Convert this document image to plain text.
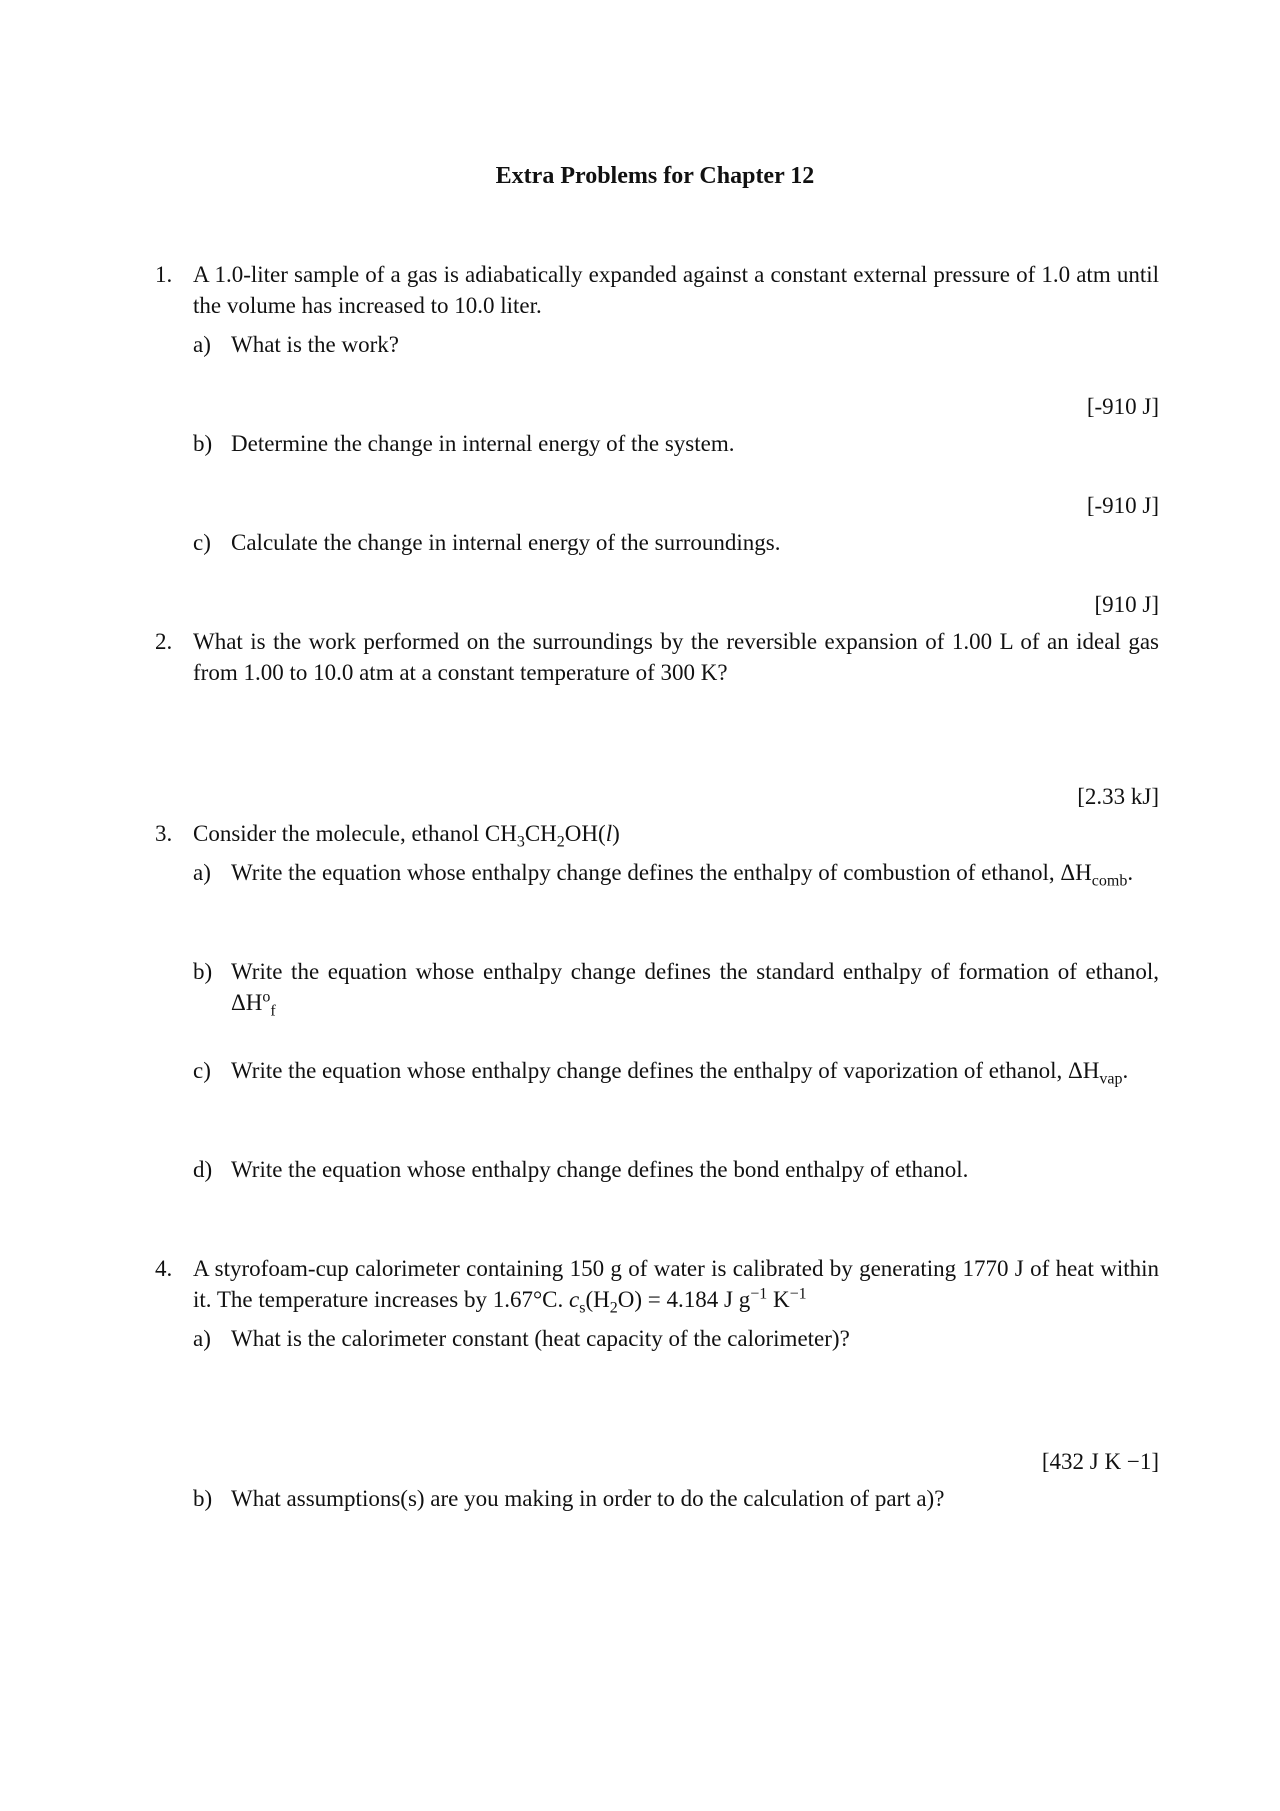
Extra Problems for Chapter 12
1. A 1.0-liter sample of a gas is adiabatically expanded against a constant external pressure of 1.0 atm until the volume has increased to 10.0 liter.
a) What is the work?
[-910 J]
b) Determine the change in internal energy of the system.
[-910 J]
c) Calculate the change in internal energy of the surroundings.
[910 J]
2. What is the work performed on the surroundings by the reversible expansion of 1.00 L of an ideal gas from 1.00 to 10.0 atm at a constant temperature of 300 K?
[2.33 kJ]
3. Consider the molecule, ethanol $CH_3CH_2OH(l)$
a) Write the equation whose enthalpy change defines the enthalpy of combustion of ethanol, $\Delta H_{comb}$.
b) Write the equation whose enthalpy change defines the standard enthalpy of formation of ethanol, $\Delta H^o_f$
c) Write the equation whose enthalpy change defines the enthalpy of vaporization of ethanol, $\Delta H_{vap}$.
d) Write the equation whose enthalpy change defines the bond enthalpy of ethanol.
4. A styrofoam-cup calorimeter containing 150 g of water is calibrated by generating 1770 J of heat within it. The temperature increases by 1.67°C. $c_s(H_2O) = 4.184$ J $g^{-1}$ $K^{-1}$
a) What is the calorimeter constant (heat capacity of the calorimeter)?
[432 J K −1]
b) What assumptions(s) are you making in order to do the calculation of part a)?
